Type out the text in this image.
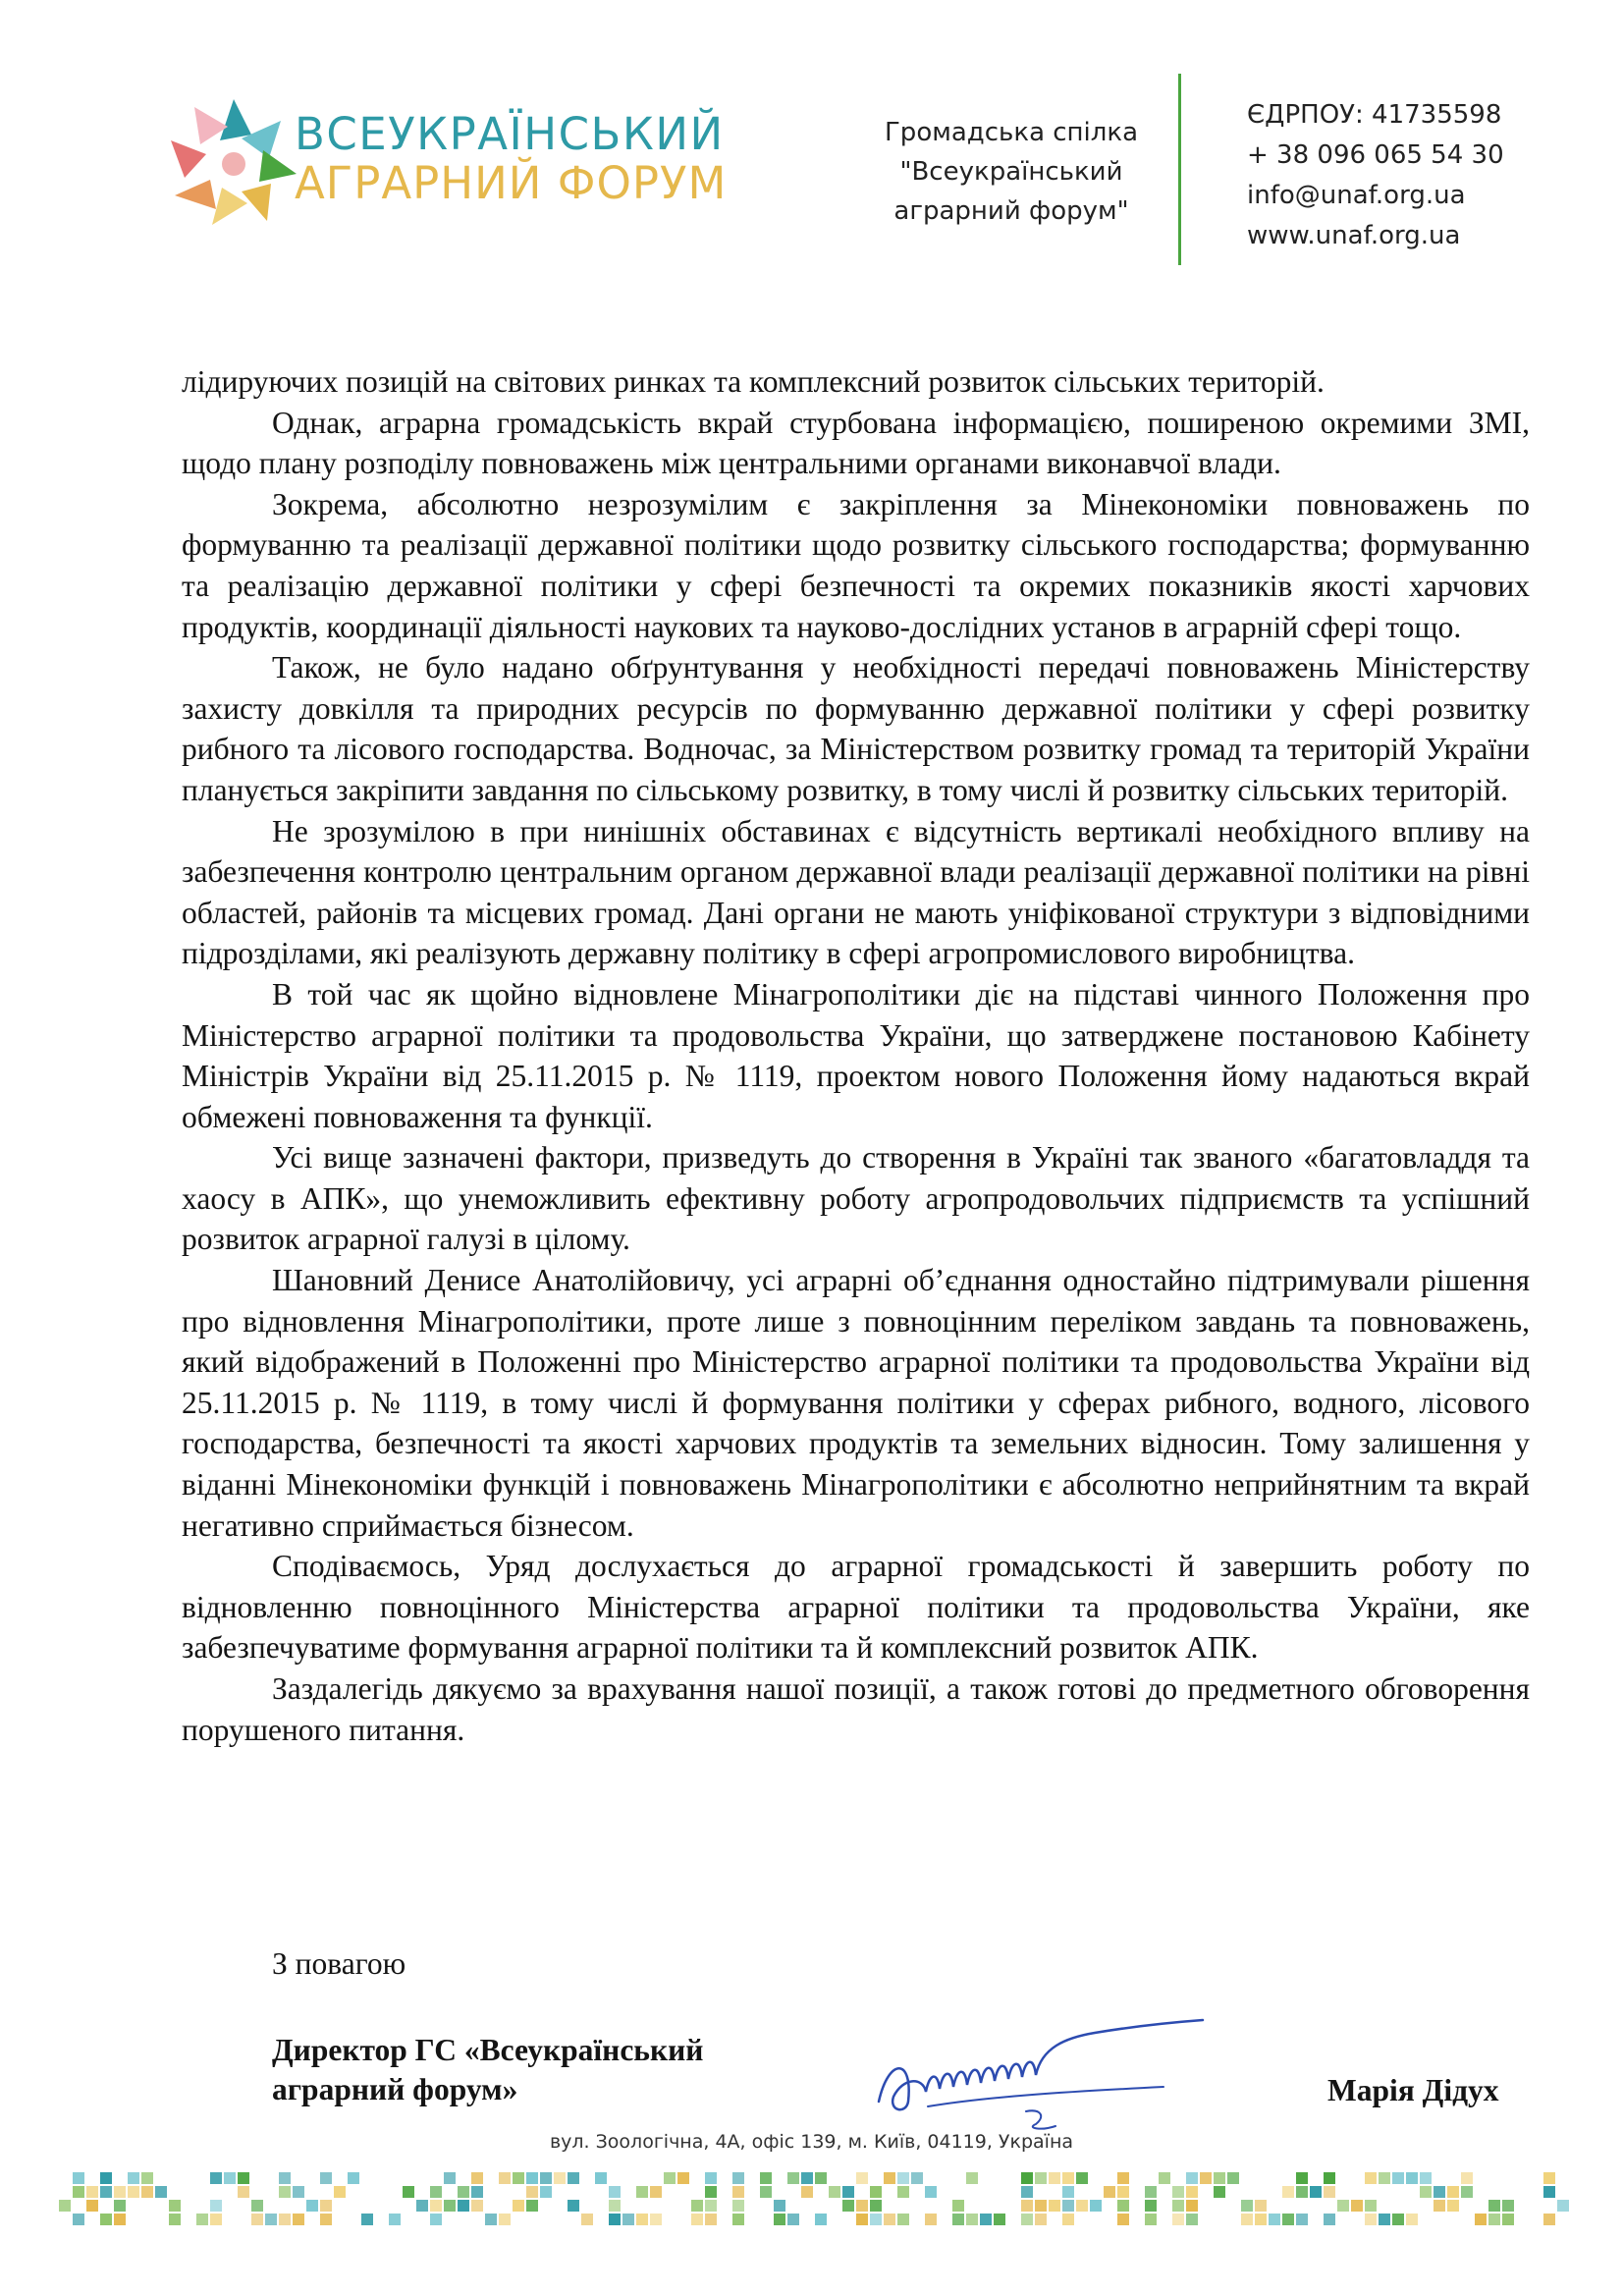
ВСЕУКРАЇНСЬКИЙ
АГРАРНИЙ ФОРУМ
Громадська спілка
"Всеукраїнський
аграрний форум"
ЄДРПОУ: 41735598
+ 38 096 065 54 30
info@unaf.org.ua
www.unaf.org.ua

лідируючих позицій на світових ринках та комплексний розвиток сільських територій.

Однак, аграрна громадськість вкрай стурбована інформацією, поширеною окремими ЗМІ, щодо плану розподілу повноважень між центральними органами виконавчої влади.

Зокрема, абсолютно незрозумілим є закріплення за Мінекономіки повноважень по формуванню та реалізації державної політики щодо розвитку сільського господарства; формуванню та реалізацію державної політики у сфері безпечності та окремих показників якості харчових продуктів, координації діяльності наукових та науково-дослідних установ в аграрній сфері тощо.

Також, не було надано обґрунтування у необхідності передачі повноважень Міністерству захисту довкілля та природних ресурсів по формуванню державної політики у сфері розвитку рибного та лісового господарства. Водночас, за Міністерством розвитку громад та територій України планується закріпити завдання по сільському розвитку, в тому числі й розвитку сільських територій.

Не зрозумілою в при нинішніх обставинах є відсутність вертикалі необхідного впливу на забезпечення контролю центральним органом державної влади реалізації державної політики на рівні областей, районів та місцевих громад. Дані органи не мають уніфікованої структури з відповідними підрозділами, які реалізують державну політику в сфері агропромислового виробництва.

В той час як щойно відновлене Мінагрополітики діє на підставі чинного Положення про Міністерство аграрної політики та продовольства України, що затверджене постановою Кабінету Міністрів України від 25.11.2015 р. № 1119, проектом нового Положення йому надаються вкрай обмежені повноваження та функції.

Усі вище зазначені фактори, призведуть до створення в Україні так званого «багатовладдя та хаосу в АПК», що унеможливить ефективну роботу агропродовольчих підприємств та успішний розвиток аграрної галузі в цілому.

Шановний Денисе Анатолійовичу, усі аграрні об’єднання одностайно підтримували рішення про відновлення Мінагрополітики, проте лише з повноцінним переліком завдань та повноважень, який відображений в Положенні про Міністерство аграрної політики та продовольства України від 25.11.2015 р. № 1119, в тому числі й формування політики у сферах рибного, водного, лісового господарства, безпечності та якості харчових продуктів та земельних відносин. Тому залишення у віданні Мінекономіки функцій і повноважень Мінагрополітики є абсолютно неприйнятним та вкрай негативно сприймається бізнесом.

Сподіваємось, Уряд дослухається до аграрної громадськості й завершить роботу по відновленню повноцінного Міністерства аграрної політики та продовольства України, яке забезпечуватиме формування аграрної політики та й комплексний розвиток АПК.

Заздалегідь дякуємо за врахування нашої позиції, а також готові до предметного обговорення порушеного питання.

З повагою
Директор ГС «Всеукраїнський
аграрний форум»	Марія Дідух
вул. Зоологічна, 4А, офіс 139, м. Київ, 04119, Україна
